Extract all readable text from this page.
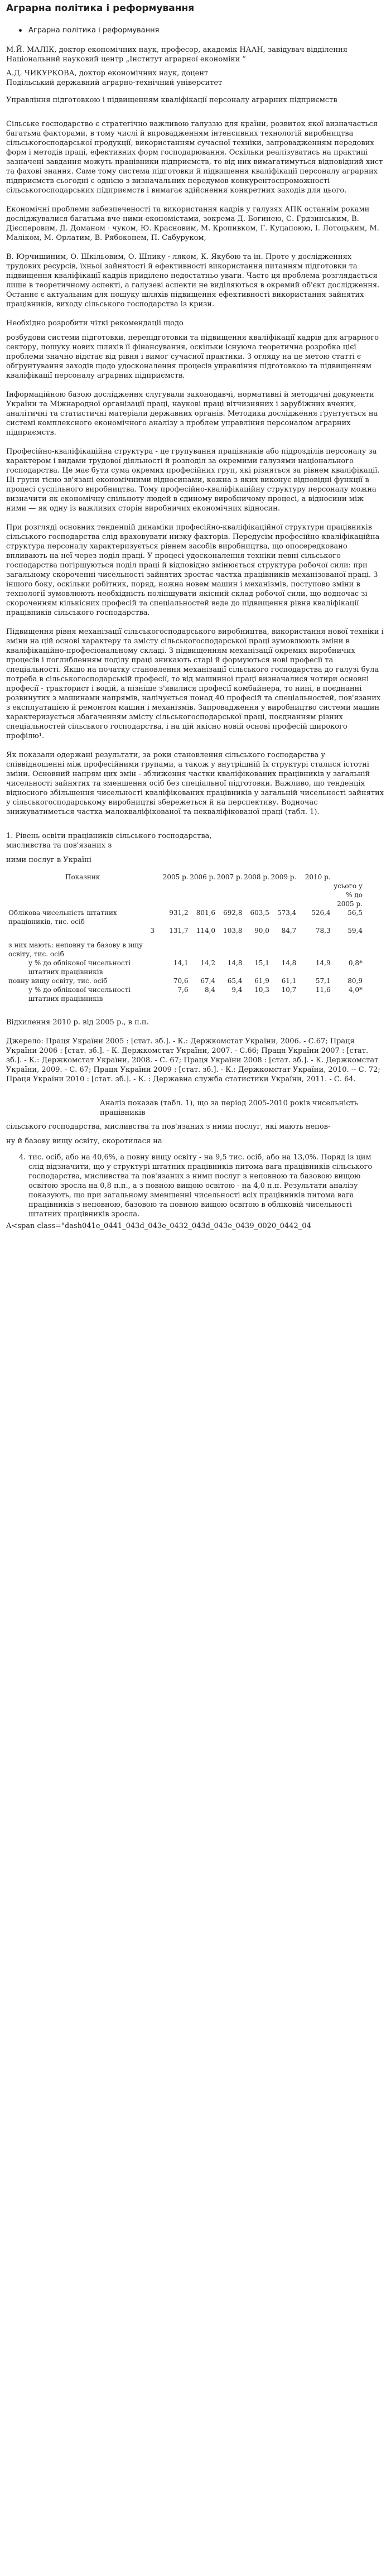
Аграрна політика і реформування
Аграрна політика і реформування

М.Й. МАЛІК, доктор економічних наук, професор, академік НААН, завідувач відділення Національний науковий центр „Інститут аграрної економіки ”

А.Д. ЧИКУРКОВА, доктор економічних наук, доцент

Подільський державний аграрно-технічний університет

Управління підготовкою і підвищенням кваліфікації персоналу аграрних підприємств

Сільське господарство є стратегічно важливою галуззю для країни, розвиток якої визначається багатьма факторами, в тому числі й впровадженням інтенсивних технологій виробництва сільськогосподарської продукції, використанням сучасної техніки, запровадженням передових форм і методів праці, ефективних форм господарювання. Оскільки реалізуватись на практиці зазначені завдання можуть працівники підприємств, то від них вимагатимуться відповідний хист та фахові знання. Саме тому система підготовки й підвищення кваліфікації персоналу аграрних підприємств сьогодні є однією з визначальних передумов конкурентоспроможності сільськогосподарських підприємств і вимагає здійснення конкретних заходів для цього.

Економічні проблеми забезпеченості та використання кадрів у галузях АПК останнім роками досліджувалися багатьма вче-ними-економістами, зокрема Д. Богинею, С. Грдзинським, В. Дієсперовим, Д. Доманом · чуком, Ю. Красновим, М. Кропивком, Г. Куцапоюю, І. Лотоцьким, М. Маліком, М. Орлатим, В. Рябоконем, П. Сабуруком,

В. Юрчишиним, О. Шкільовим, О. Шпику · ляком, К. Якубою та ін. Проте у дослідженнях трудових ресурсів, їхньої зайнятості й ефективності використання питанням підготовки та підвищення кваліфікації кадрів приділено недостатньо уваги. Часто ця проблема розглядається лише в теоретичному аспекті, а галузеві аспекти не виділяються в окремий об'єкт дослідження. Останнє є актуальним для пошуку шляхів підвищення ефективності використання зайнятих працівників, виходу сільського господарства із кризи.

Необхідно розробити чіткі рекомендації щодо

розбудови системи підготовки, перепідготовки та підвищення кваліфікації кадрів для аграрного сектору, пошуку нових шляхів її фінансування, оскільки існуюча теоретична розробка цієї проблеми значно відстає від рівня і вимог сучасної практики. З огляду на це метою статті є обґрунтування заходів щодо удосконалення процесів управління підготовкою та підвищенням кваліфікації персоналу аграрних підприємств.

Інформаційною базою дослідження слугували законодавчі, нормативні й методичні документи України та Міжнародної організації праці, наукові праці вітчизняних і зарубіжних вчених, аналітичні та статистичні матеріали державних органів. Методика дослідження ґрунтується на системі комплексного економічного аналізу з проблем управління персоналом аграрних підприємств.

Професійно-кваліфікаційна структура - це групування працівників або підрозділів персоналу за характером і видами трудової діяльності й розподіл за окремими галузями національного господарства. Це має бути сума окремих професійних груп, які різняться за рівнем кваліфікації. Ці групи тісно зв'язані економічними відносинами, кожна з яких виконує відповідні функції в процесі суспільного виробництва. Тому професійно-кваліфікаційну структуру персоналу можна визначити як економічну спільноту людей в єдиному виробничому процесі, а відносини між ними — як одну із важливих сторін виробничих економічних відносин.

При розгляді основних тенденцій динаміки професійно-кваліфікаційної структури працівників сільського господарства слід враховувати низку факторів. Передусім професійно-кваліфікаційна структура персоналу характеризується рівнем засобів виробництва, що опосередковано впливають на неї через поділ праці. У процесі удосконалення техніки певні сільського господарства погіршуються поділ праці й відповідно змінюється структура робочої сили: при загальному скороченні чисельності зайнятих зростає частка працівників механізованої праці. З іншого боку, оскільки робітник, поряд, ножна новем машин і механізмів, поступово зміни в технології зумовлюють необхідність поліпшувати якісний склад робочої сили, що водночас зі скороченням кількісних професій та спеціальностей веде до підвищення рівня кваліфікації працівників сільського господарства.

Підвищення рівня механізації сільськогосподарського виробництва, використання нової техніки і зміни на цій основі характеру та змісту сільськогосподарської праці зумовлюють зміни в кваліфікаційно-професіональному складі. З підвищенням механізації окремих виробничих процесів і поглибленням поділу праці зникають старі й формуються нові професії та спеціальності. Якщо на початку становлення механізації сільського господарства до галузі була потреба в сільськогосподарській професії, то від машинної праці визначалися чотири основні професії - тракторист і водій, а пізніше з'явилися професії комбайнера, то нині, в поєднанні розвинутих з машинами напрямів, налічується понад 40 професій та спеціальностей, пов'язаних з експлуатацією й ремонтом машин і механізмів. Запровадження у виробництво системи машин характеризується збагаченням змісту сільськогосподарської праці, поєднанням різних спеціальностей сільського господарства, і на цій якісно новій основі професій широкого профілю¹.

Як показали одержані результати, за роки становлення сільського господарства у співвідношенні між професійними групами, а також у внутрішній їх структурі сталися істотні зміни. Основний напрям цих змін - зближення частки кваліфікованих працівників у загальній чисельності зайнятих та зменшення осіб без спеціальної підготовки. Важливо, що тенденція відносного збільшення чисельності кваліфікованих працівників у загальній чисельності зайнятих у сільськогосподарському виробництві збережеться й на перспективу. Водночас знижуватиметься частка малокваліфікованої та некваліфікованої праці (табл. 1).

1. Рівень освіти працівників сільського господарства,

мисливства та пов'язаних з

ними послуг в Україні

Показник		2005 р.	2006 р.	2007 р.	2008 р.	2009 р.	2010 р.	усього у % до 2005 р.
Облікова чисельність штатних працівників, тис. осіб		931,2	801,6	692,8	603,5	573,4	526,4	56,5
з них мають: неповну та базову в ищу освіту, тис. осіб	3	131,7	114,0	103,8	90,0	84,7	78,3	59,4
у % до облікової чисельності штатних працівників		14,1	14,2	14,8	15,1	14,8	14,9	0,8*
повну вищу освіту, тис. осіб		70,6	67,4	65,4	61,9	61,1	57,1	80,9
у % до облікової чисельності штатних працівників		7,6	8,4	9,4	10,3	10,7	11,6	4,0*

Відхилення 2010 р. від 2005 р., в п.п.

Джерело: Праця України 2005 : [стат. зб.]. - К.: Держкомстат України, 2006. - С.67; Праця України 2006 : [стат. зб.]. - К. Держкомстат України, 2007. - С.66; Праця України 2007 : [стат. зб.]. - К.: Держкомстат України, 2008. - С. 67; Праця України 2008 : [стат. зб.]. - К. Держкомстат України, 2009. - С. 67; Праця України 2009 : [стат. зб.]. - К.: Держкомстат України, 2010. -- С. 72; Праця України 2010 : [стат. зб.]. - К. : Державна служба статистики України, 2011. - С. 64.

Аналіз показав (табл. 1), що за період 2005-2010 років чисельність працівників

сільського господарства, мисливства та пов'язаних з ними послуг, які мають непов-

ну й базову вищу освіту, скоротилася на

4 . тис. осіб, або на 40,6%, а повну вищу освіту - на 9,5 тис. осіб, або на 13,0%. Поряд із цим слід відзначити, що у структурі штатних працівників питома вага працівників сільського господарства, мисливства та пов'язаних з ними послуг з неповною та базовою вищою освітою зросла на 0,8 п.п., а з повною вищою освітою - на 4,0 п.п. Результати аналізу показують, що при загальному зменшенні чисельності всіх працівників питома вага працівників з неповною, базовою та повною вищою освітою в обліковій чисельності штатних працівників зросла.

A<span class="dash041e_0441_043d_043e_0432_043d_043e_0439_0020_0442_04
